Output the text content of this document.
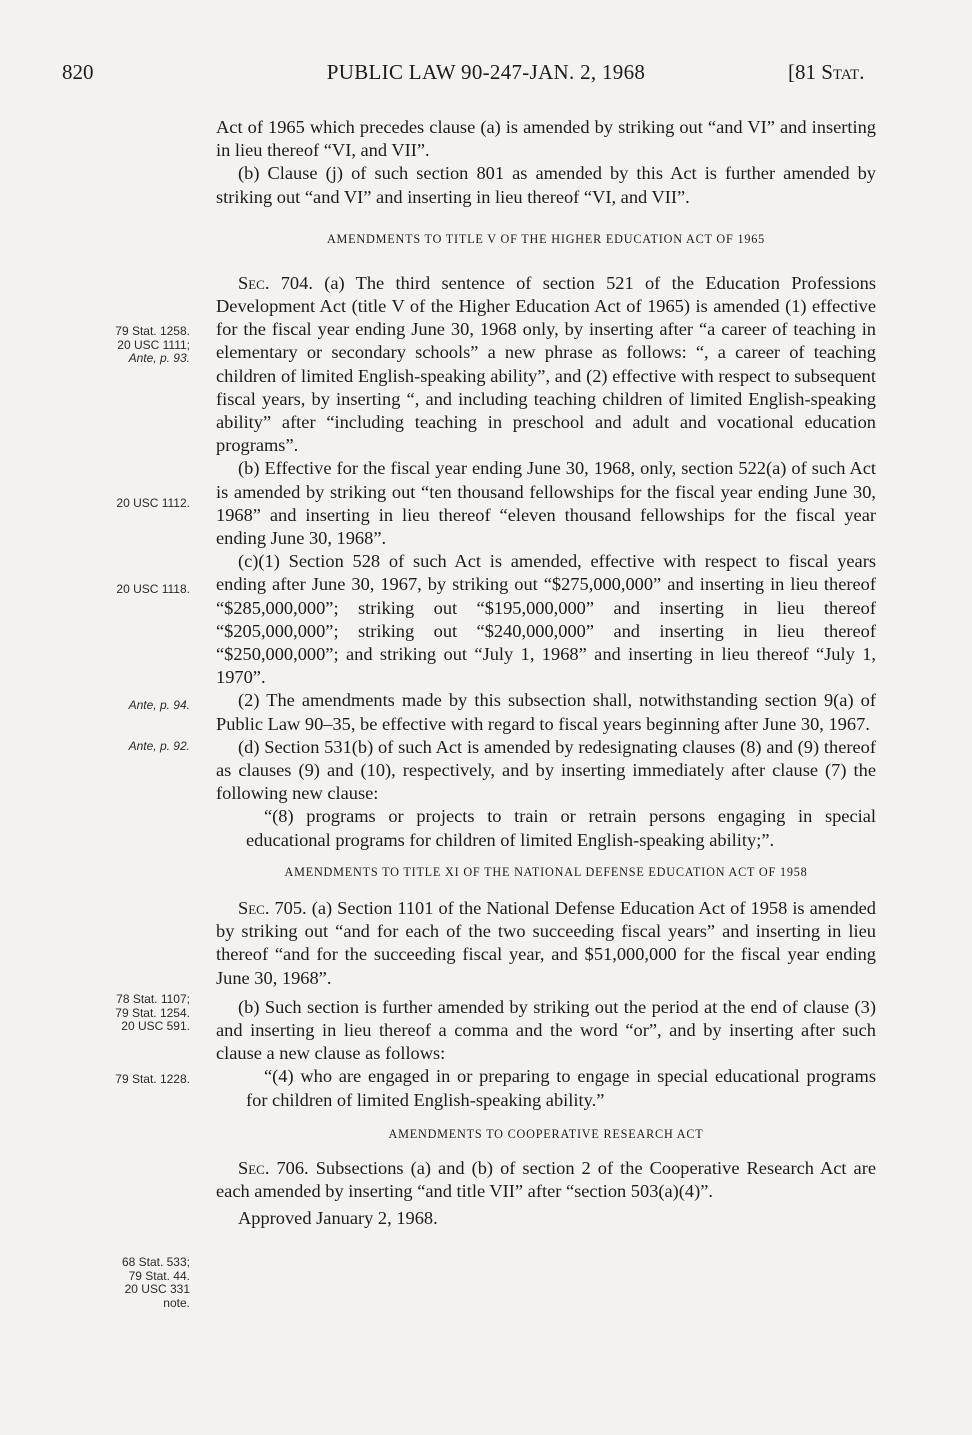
820	PUBLIC LAW 90-247-JAN. 2, 1968	[81 Stat.

Act of 1965 which precedes clause (a) is amended by striking out “and VI” and inserting in lieu thereof “VI, and VII”.

(b) Clause (j) of such section 801 as amended by this Act is further amended by striking out “and VI” and inserting in lieu thereof “VI, and VII”.

AMENDMENTS TO TITLE V OF THE HIGHER EDUCATION ACT OF 1965

Sec. 704. (a) The third sentence of section 521 of the Education Professions Development Act (title V of the Higher Education Act of 1965) is amended (1) effective for the fiscal year ending June 30, 1968 only, by inserting after “a career of teaching in elementary or secondary schools” a new phrase as follows: “, a career of teaching children of limited English-speaking ability”, and (2) effective with respect to subsequent fiscal years, by inserting “, and including teaching children of limited English-speaking ability” after “including teaching in preschool and adult and vocational education programs”.

(b) Effective for the fiscal year ending June 30, 1968, only, section 522(a) of such Act is amended by striking out “ten thousand fellowships for the fiscal year ending June 30, 1968” and inserting in lieu thereof “eleven thousand fellowships for the fiscal year ending June 30, 1968”.

(c)(1) Section 528 of such Act is amended, effective with respect to fiscal years ending after June 30, 1967, by striking out “$275,000,000” and inserting in lieu thereof “$285,000,000”; striking out “$195,000,000” and inserting in lieu thereof “$205,000,000”; striking out “$240,000,000” and inserting in lieu thereof “$250,000,000”; and striking out “July 1, 1968” and inserting in lieu thereof “July 1, 1970”.

(2) The amendments made by this subsection shall, notwithstanding section 9(a) of Public Law 90–35, be effective with regard to fiscal years beginning after June 30, 1967.

(d) Section 531(b) of such Act is amended by redesignating clauses (8) and (9) thereof as clauses (9) and (10), respectively, and by inserting immediately after clause (7) the following new clause:

“(8) programs or projects to train or retrain persons engaging in special educational programs for children of limited English-speaking ability;”.

AMENDMENTS TO TITLE XI OF THE NATIONAL DEFENSE EDUCATION ACT OF 1958

Sec. 705. (a) Section 1101 of the National Defense Education Act of 1958 is amended by striking out “and for each of the two succeeding fiscal years” and inserting in lieu thereof “and for the succeeding fiscal year, and $51,000,000 for the fiscal year ending June 30, 1968”.

(b) Such section is further amended by striking out the period at the end of clause (3) and inserting in lieu thereof a comma and the word “or”, and by inserting after such clause a new clause as follows:

“(4) who are engaged in or preparing to engage in special educational programs for children of limited English-speaking ability.”

AMENDMENTS TO COOPERATIVE RESEARCH ACT

Sec. 706. Subsections (a) and (b) of section 2 of the Cooperative Research Act are each amended by inserting “and title VII” after “section 503(a)(4)”.

Approved January 2, 1968.

79 Stat. 1258.
20 USC 1111;
Ante, p. 93.
20 USC 1112.
20 USC 1118.
Ante, p. 94.
Ante, p. 92.
78 Stat. 1107;
79 Stat. 1254.
20 USC 591.
79 Stat. 1228.
68 Stat. 533;
79 Stat. 44.
20 USC 331
note.
